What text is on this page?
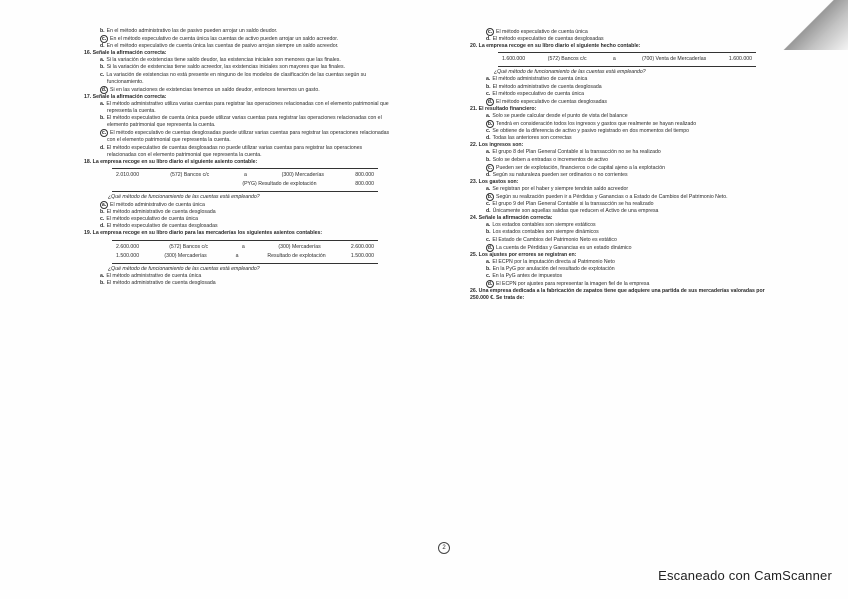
b. En el método administrativo las de pasivo pueden arrojar un saldo deudor.
c. En el método especulativo de cuenta única las cuentas de activo pueden arrojar un saldo acreedor.
d. En el método especulativo de cuenta única las cuentas de pasivo arrojan siempre un saldo acreedor.
16. Señale la afirmación correcta:
a. Si la variación de existencias tiene saldo deudor, las existencias iniciales son menores que las finales.
b. Si la variación de existencias tiene saldo acreedor, las existencias iniciales son mayores que las finales.
c. La variación de existencias no está presente en ninguno de los modelos de clasificación de las cuentas según su funcionamiento.
d. Si en las variaciones de existencias tenemos un saldo deudor, entonces tenemos un gasto.
17. Señale la afirmación correcta:
a. El método administrativo utiliza varias cuentas para registrar las operaciones relacionadas con el elemento patrimonial que representa la cuenta.
b. El método especulativo de cuenta única puede utilizar varias cuentas para registrar las operaciones relacionadas con el elemento patrimonial que representa la cuenta.
c. El método especulativo de cuentas desglosadas puede utilizar varias cuentas para registrar las operaciones relacionadas con el elemento patrimonial que representa la cuenta.
d. El método especulativo de cuentas desglosadas no puede utilizar varias cuentas para registrar las operaciones relacionadas con el elemento patrimonial que representa la cuenta.
18. La empresa recoge en su libro diario el siguiente asiento contable:
2.010.000	(572) Bancos c/c	a	(300) Mercaderías	800.000
(PYG) Resultado de explotación	800.000
¿Qué método de funcionamiento de las cuentas está empleando?
a. El método administrativo de cuenta única
b. El método administrativo de cuenta desglosada
c. El método especulativo de cuenta única
d. El método especulativo de cuentas desglosadas
19. La empresa recoge en su libro diario para las mercaderías los siguientes asientos contables:
2.600.000	(572) Bancos c/c	a	(300) Mercaderías	2.600.000
1.500.000	(300) Mercaderías	a	Resultado de explotación	1.500.000
¿Qué método de funcionamiento de las cuentas está empleando?
a. El método administrativo de cuenta única
b. El método administrativo de cuenta desglosada
c. El método especulativo de cuenta única
d. El método especulativo de cuentas desglosadas
20. La empresa recoge en su libro diario el siguiente hecho contable:
1.600.000	(572) Bancos c/c	a	(700) Venta de Mercaderías	1.600.000
¿Qué método de funcionamiento de las cuentas está empleando?
a. El método administrativo de cuenta única
b. El método administrativo de cuenta desglosada
c. El método especulativo de cuenta única
d. El método especulativo de cuentas desglosadas
21. El resultado financiero:
a. Solo se puede calcular desde el punto de vista del balance
b. Tendrá en consideración todos los ingresos y gastos que realmente se hayan realizado
c. Se obtiene de la diferencia de activo y pasivo registrado en dos momentos del tiempo
d. Todas las anteriores son correctas
22. Los ingresos son:
a. El grupo 8 del Plan General Contable si la transacción no se ha realizado
b. Solo se deben a entradas o incrementos de activo
c. Pueden ser de explotación, financieros o de capital ajeno a la explotación
d. Según su naturaleza pueden ser ordinarios o no corrientes
23. Los gastos son:
a. Se registran por el haber y siempre tendrán saldo acreedor
b. Según su realización pueden ir a Pérdidas y Ganancias o a Estado de Cambios del Patrimonio Neto.
c. El grupo 9 del Plan General Contable si la transacción se ha realizado
d. Únicamente son aquellas salidas que reducen el Activo de una empresa
24. Señale la afirmación correcta:
a. Los estados contables son siempre estáticos
b. Los estados contables son siempre dinámicos
c. El Estado de Cambios del Patrimonio Neto es estático
d. La cuenta de Pérdidas y Ganancias es un estado dinámico
25. Los ajustes por errores se registran en:
a. El ECPN por la imputación directa al Patrimonio Neto
b. En la PyG por anulación del resultado de explotación
c. En la PyG antes de impuestos
d. El ECPN por ajustes para representar la imagen fiel de la empresa
26. Una empresa dedicada a la fabricación de zapatos tiene que adquiere una partida de sus mercaderías valoradas por 250.000 €. Se trata de:
2
Escaneado con CamScanner
